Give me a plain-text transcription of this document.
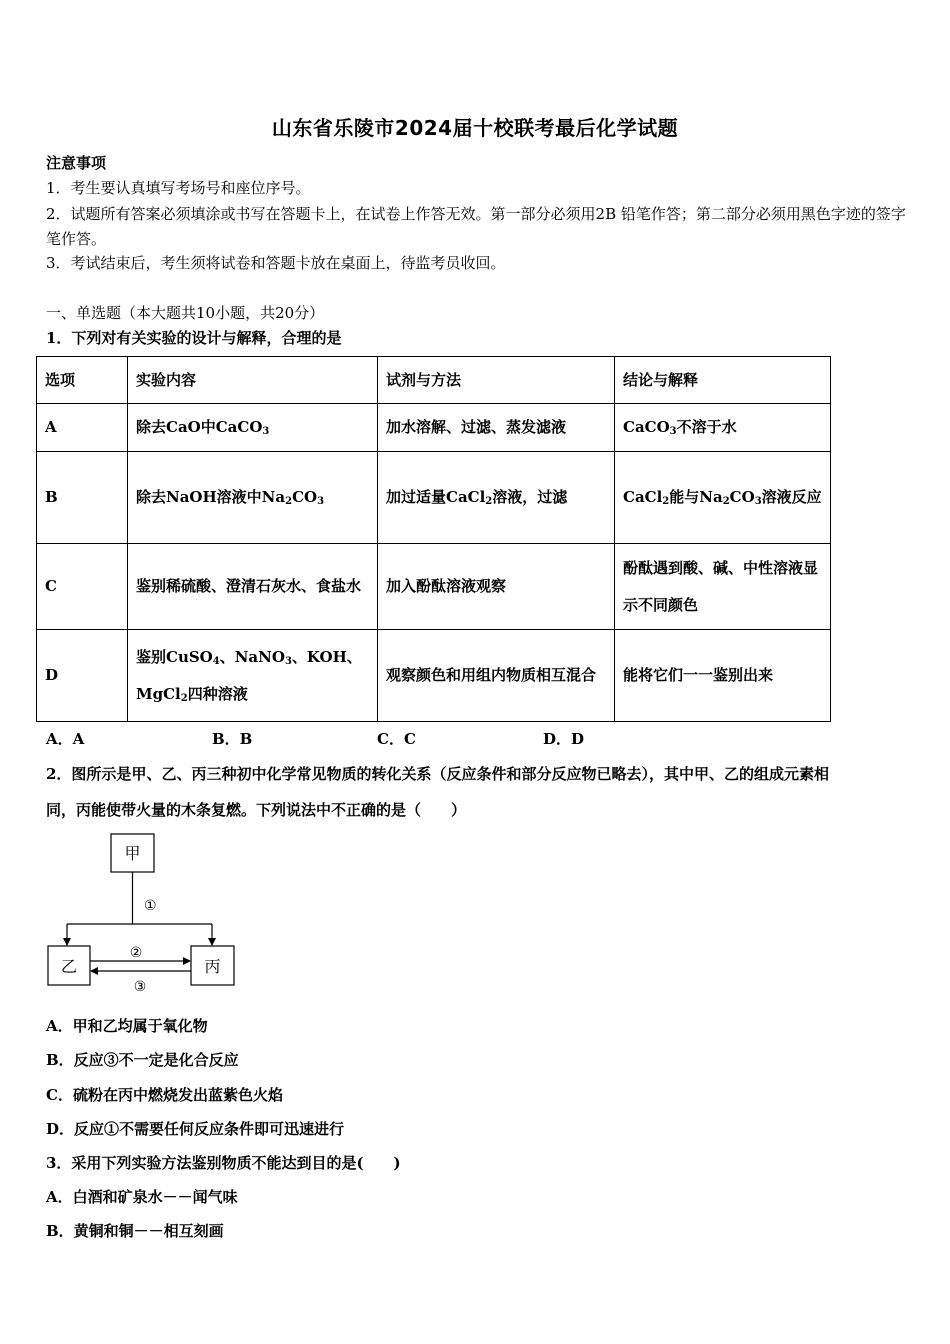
山东省乐陵市2024届十校联考最后化学试题
注意事项
1．考生要认真填写考场号和座位序号。
2．试题所有答案必须填涂或书写在答题卡上，在试卷上作答无效。第一部分必须用2B 铅笔作答；第二部分必须用黑色字迹的签字笔作答。
3．考试结束后，考生须将试卷和答题卡放在桌面上，待监考员收回。
一、单选题（本大题共10小题，共20分）
1．下列对有关实验的设计与解释，合理的是
选项	实验内容	试剂与方法	结论与解释
A	除去CaO中CaCO$_3$	加水溶解、过滤、蒸发滤液	CaCO$_3$不溶于水
B	除去NaOH溶液中$Na_2CO_3$	加过适量CaCl$_2$溶液，过滤	CaCl$_2$能与$Na_2CO_3$溶液反应
C	鉴别稀硫酸、澄清石灰水、食盐水	加入酚酞溶液观察	酚酞遇到酸、碱、中性溶液显示不同颜色
D	鉴别CuSO$_4$、NaNO$_3$、KOH、MgCl$_2$四种溶液	观察颜色和用组内物质相互混合	能将它们一一鉴别出来
A．A	B．B	C．C	D．D
2．图所示是甲、乙、丙三种初中化学常见物质的转化关系（反应条件和部分反应物已略去），其中甲、乙的组成元素相
同，丙能使带火量的木条复燃。下列说法中不正确的是（　　）
甲
①
乙	丙
②
③
A．甲和乙均属于氧化物
B．反应③不一定是化合反应
C．硫粉在丙中燃烧发出蓝紫色火焰
D．反应①不需要任何反应条件即可迅速进行
3．采用下列实验方法鉴别物质不能达到目的是(　　)
A．白酒和矿泉水－－闻气味
B．黄铜和铜－－相互刻画
